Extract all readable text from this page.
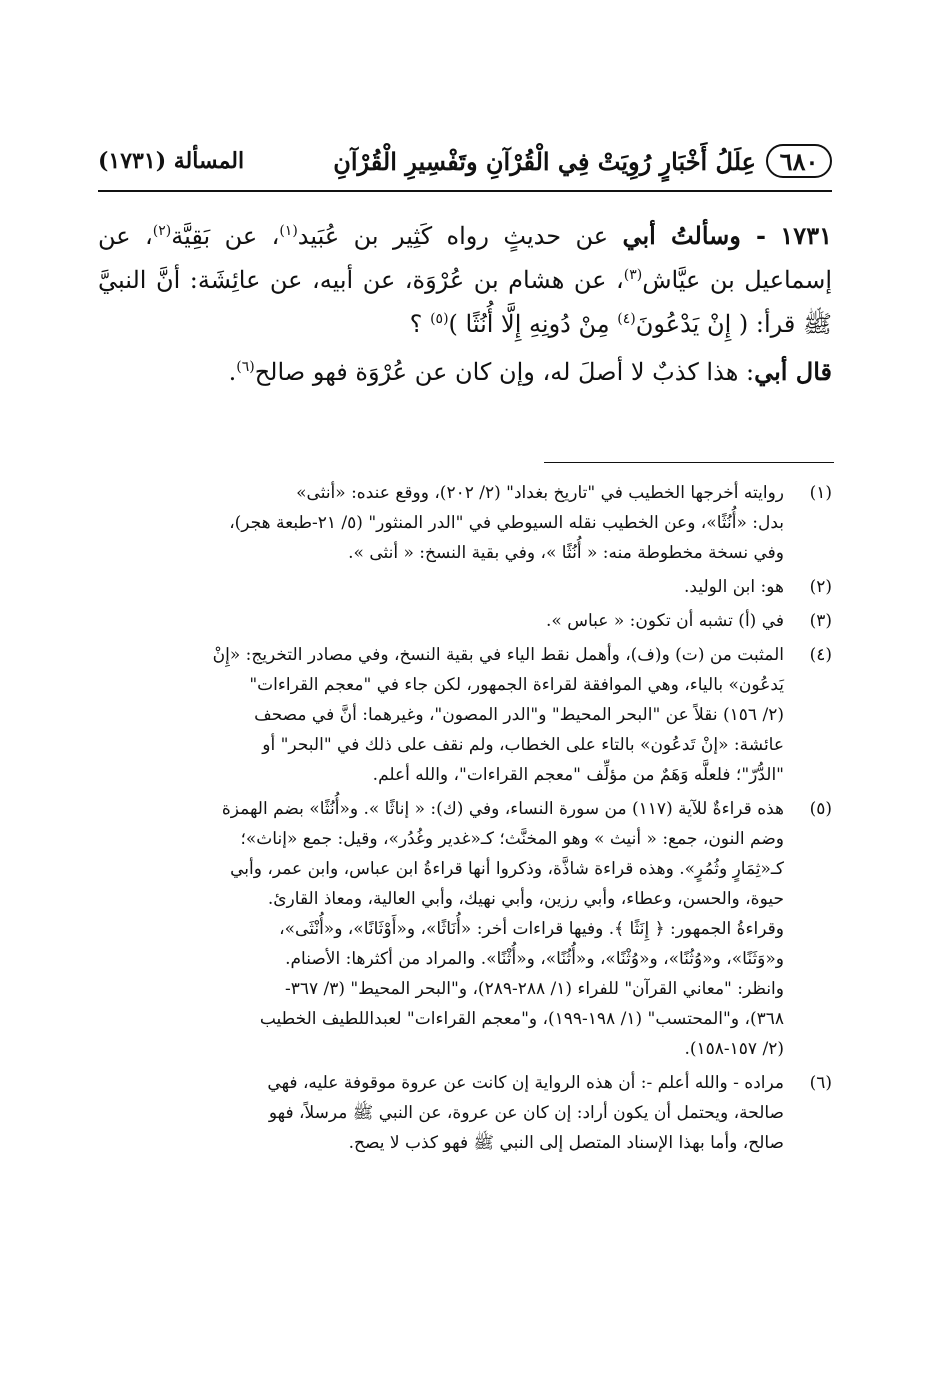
٦٨٠
عِلَلُ أَخْبَارٍ رُوِيَتْ فِي الْقُرْآنِ وتَفْسِيرِ الْقُرْآنِ
المسألة (١٧٣١)

١٧٣١ - وسألتُ أبي عن حديثٍ رواه كَثِير بن عُبَيد$^{(١)}$، عن بَقِيَّة$^{(٢)}$، عن إسماعيل بن عيَّاش$^{(٣)}$، عن هشام بن عُرْوَة، عن أبيه، عن عائِشَة: أنَّ النبيَّ ﷺ قرأ: ( إِنْ يَدْعُونَ$^{(٤)}$ مِنْ دُونِهِ إِلَّا أُنُثًا )$^{(٥)}$ ؟

قال أبي: هذا كذبٌ لا أصلَ له، وإن كان عن عُرْوَة فهو صالح$^{(٦)}$.

(١)
روايته أخرجها الخطيب في "تاريخ بغداد" (٢/ ٢٠٢)، ووقع عنده: «أنثى»
بدل: «أُنُثًا»، وعن الخطيب نقله السيوطي في "الدر المنثور" (٥/ ٢١-طبعة هجر)،
وفي نسخة مخطوطة منه: « أُنُثًا »، وفي بقية النسخ: « أنثى ».
(٢)
هو: ابن الوليد.
(٣)
في (أ) تشبه أن تكون: « عباس ».
(٤)
المثبت من (ت) و(ف)، وأهمل نقط الياء في بقية النسخ، وفي مصادر التخريج: «إِنْ
يَدعُون» بالياء، وهي الموافقة لقراءة الجمهور، لكن جاء في "معجم القراءات"
(٢/ ١٥٦) نقلاً عن "البحر المحيط" و"الدر المصون"، وغيرهما: أنَّ في مصحف
عائشة: «إنْ تَدعُون» بالتاء على الخطاب، ولم نقف على ذلك في "البحر" أو
"الدُّرّ"؛ فلعلَّه وَهَمٌ من مؤلِّف "معجم القراءات"، والله أعلم.
(٥)
هذه قراءةٌ للآية (١١٧) من سورة النساء، وفي (ك): « إناثًا ». و«أُنُثًا» بضم الهمزة
وضم النون، جمع: « أنيث » وهو المخنَّث؛ كـ«غدير وغُدُر»، وقيل: جمع «إناث»؛
كـ«ثِمَارٍ وثُمُرٍ». وهذه قراءة شاذَّة، وذكروا أنها قراءةُ ابن عباس، وابن عمر، وأبي
حيوة، والحسن، وعطاء، وأبي رزين، وأبي نهيك، وأبي العالية، ومعاذ القارئ.
وقراءةُ الجمهور: ﴿ إِنَثًا ﴾. وفيها قراءات أخر: «أُنَاثًا»، و«أَوْثَانًا»، و«أُنْثَى»،
و«وَثَنًا»، و«وُثُنًا»، و«وُثْنًا»، و«أُثُنًا»، و«أُثْنًا». والمراد من أكثرها: الأصنام.
وانظر: "معاني القرآن" للفراء (١/ ٢٨٨-٢٨٩)، و"البحر المحيط" (٣/ ٣٦٧-
٣٦٨)، و"المحتسب" (١/ ١٩٨-١٩٩)، و"معجم القراءات" لعبداللطيف الخطيب
(٢/ ١٥٧-١٥٨).
(٦)
مراده - والله أعلم -: أن هذه الرواية إن كانت عن عروة موقوفة عليه، فهي
صالحة، ويحتمل أن يكون أراد: إن كان عن عروة، عن النبي ﷺ مرسلاً، فهو
صالح، وأما بهذا الإسناد المتصل إلى النبي ﷺ فهو كذب لا يصح.
